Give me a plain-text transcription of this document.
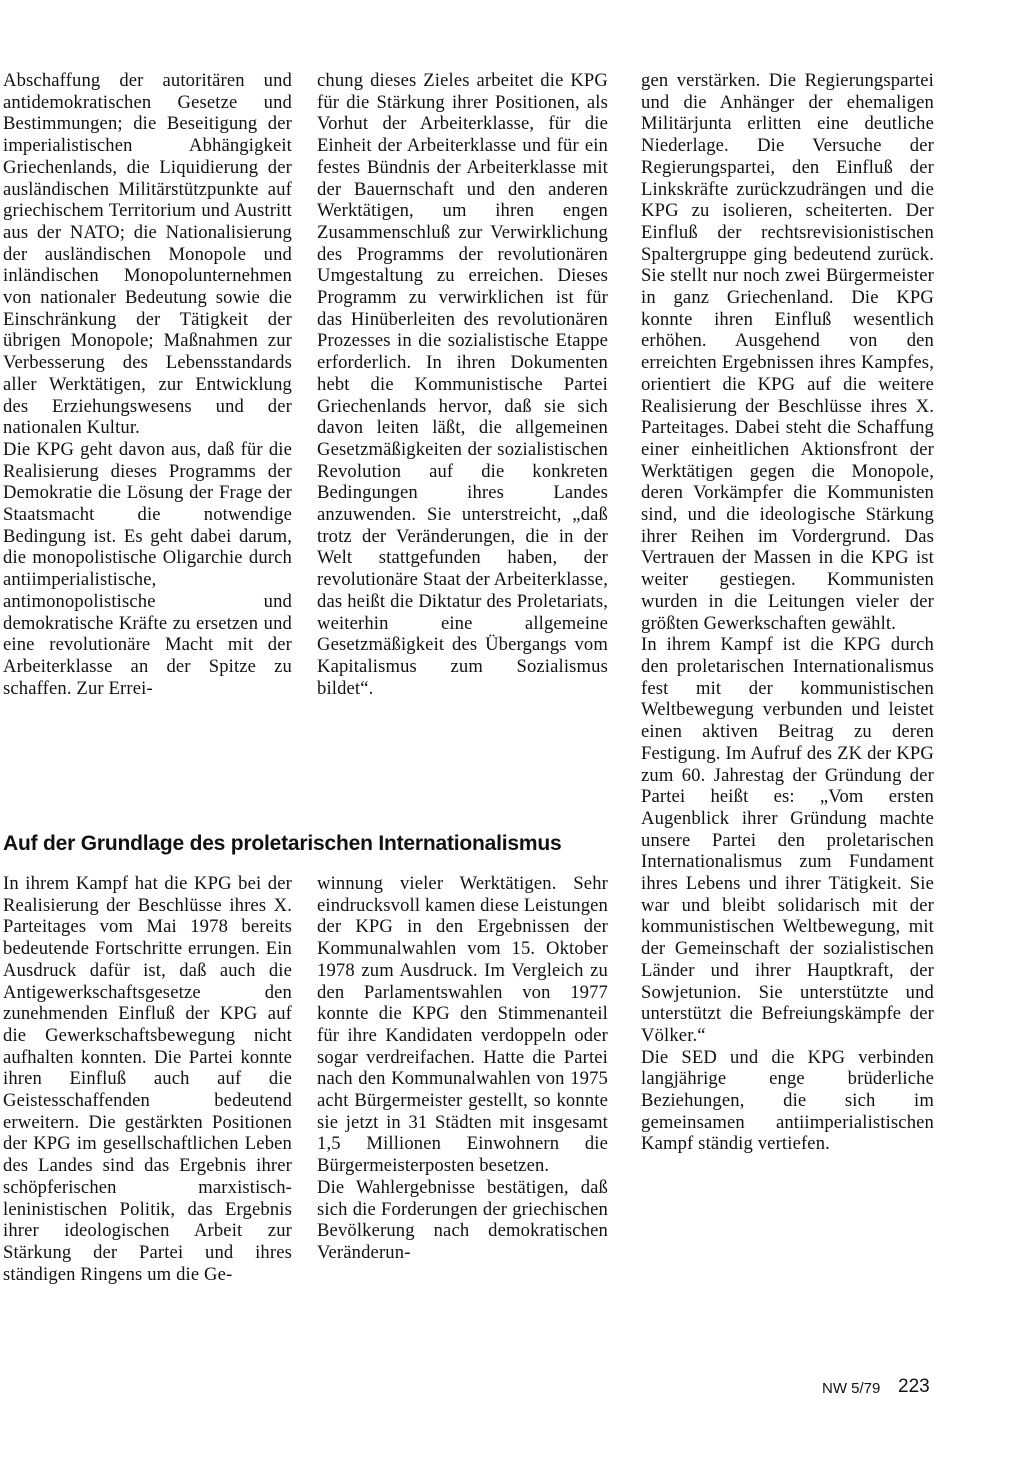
Abschaffung der autoritären und antidemokratischen Gesetze und Bestimmungen; die Beseitigung der imperialistischen Abhängigkeit Griechenlands, die Liquidierung der ausländischen Militärstützpunkte auf griechischem Territorium und Austritt aus der NATO; die Nationalisierung der ausländischen Monopole und inländischen Monopolunternehmen von nationaler Bedeutung sowie die Einschränkung der Tätigkeit der übrigen Monopole; Maßnahmen zur Verbesserung des Lebensstandards aller Werktätigen, zur Entwicklung des Erziehungswesens und der nationalen Kultur.
Die KPG geht davon aus, daß für die Realisierung dieses Programms der Demokratie die Lösung der Frage der Staatsmacht die notwendige Bedingung ist. Es geht dabei darum, die monopolistische Oligarchie durch antiimperialistische, antimonopolistische und demokratische Kräfte zu ersetzen und eine revolutionäre Macht mit der Arbeiterklasse an der Spitze zu schaffen. Zur Errei-
chung dieses Zieles arbeitet die KPG für die Stärkung ihrer Positionen, als Vorhut der Arbeiterklasse, für die Einheit der Arbeiterklasse und für ein festes Bündnis der Arbeiterklasse mit der Bauernschaft und den anderen Werktätigen, um ihren engen Zusammenschluß zur Verwirklichung des Programms der revolutionären Umgestaltung zu erreichen. Dieses Programm zu verwirklichen ist für das Hinüberleiten des revolutionären Prozesses in die sozialistische Etappe erforderlich. In ihren Dokumenten hebt die Kommunistische Partei Griechenlands hervor, daß sie sich davon leiten läßt, die allgemeinen Gesetzmäßigkeiten der sozialistischen Revolution auf die konkreten Bedingungen ihres Landes anzuwenden. Sie unterstreicht, „daß trotz der Veränderungen, die in der Welt stattgefunden haben, der revolutionäre Staat der Arbeiterklasse, das heißt die Diktatur des Proletariats, weiterhin eine allgemeine Gesetzmäßigkeit des Übergangs vom Kapitalismus zum Sozialismus bildet“.
gen verstärken. Die Regierungspartei und die Anhänger der ehemaligen Militärjunta erlitten eine deutliche Niederlage. Die Versuche der Regierungspartei, den Einfluß der Linkskräfte zurückzudrängen und die KPG zu isolieren, scheiterten. Der Einfluß der rechtsrevisionistischen Spaltergruppe ging bedeutend zurück. Sie stellt nur noch zwei Bürgermeister in ganz Griechenland. Die KPG konnte ihren Einfluß wesentlich erhöhen. Ausgehend von den erreichten Ergebnissen ihres Kampfes, orientiert die KPG auf die weitere Realisierung der Beschlüsse ihres X. Parteitages. Dabei steht die Schaffung einer einheitlichen Aktionsfront der Werktätigen gegen die Monopole, deren Vorkämpfer die Kommunisten sind, und die ideologische Stärkung ihrer Reihen im Vordergrund. Das Vertrauen der Massen in die KPG ist weiter gestiegen. Kommunisten wurden in die Leitungen vieler der größten Gewerkschaften gewählt.
In ihrem Kampf ist die KPG durch den proletarischen Internationalismus fest mit der kommunistischen Weltbewegung verbunden und leistet einen aktiven Beitrag zu deren Festigung. Im Aufruf des ZK der KPG zum 60. Jahrestag der Gründung der Partei heißt es: „Vom ersten Augenblick ihrer Gründung machte unsere Partei den proletarischen Internationalismus zum Fundament ihres Lebens und ihrer Tätigkeit. Sie war und bleibt solidarisch mit der kommunistischen Weltbewegung, mit der Gemeinschaft der sozialistischen Länder und ihrer Hauptkraft, der Sowjetunion. Sie unterstützte und unterstützt die Befreiungskämpfe der Völker.“
Die SED und die KPG verbinden langjährige enge brüderliche Beziehungen, die sich im gemeinsamen antiimperialistischen Kampf ständig vertiefen.
Auf der Grundlage des proletarischen Internationalismus
In ihrem Kampf hat die KPG bei der Realisierung der Beschlüsse ihres X. Parteitages vom Mai 1978 bereits bedeutende Fortschritte errungen. Ein Ausdruck dafür ist, daß auch die Antigewerkschaftsgesetze den zunehmenden Einfluß der KPG auf die Gewerkschaftsbewegung nicht aufhalten konnten. Die Partei konnte ihren Einfluß auch auf die Geistesschaffenden bedeutend erweitern. Die gestärkten Positionen der KPG im gesellschaftlichen Leben des Landes sind das Ergebnis ihrer schöpferischen marxistisch-leninistischen Politik, das Ergebnis ihrer ideologischen Arbeit zur Stärkung der Partei und ihres ständigen Ringens um die Ge-
winnung vieler Werktätigen. Sehr eindrucksvoll kamen diese Leistungen der KPG in den Ergebnissen der Kommunalwahlen vom 15. Oktober 1978 zum Ausdruck. Im Vergleich zu den Parlamentswahlen von 1977 konnte die KPG den Stimmenanteil für ihre Kandidaten verdoppeln oder sogar verdreifachen. Hatte die Partei nach den Kommunalwahlen von 1975 acht Bürgermeister gestellt, so konnte sie jetzt in 31 Städten mit insgesamt 1,5 Millionen Einwohnern die Bürgermeisterposten besetzen.
Die Wahlergebnisse bestätigen, daß sich die Forderungen der griechischen Bevölkerung nach demokratischen Veränderun-
NW 5/79 223
